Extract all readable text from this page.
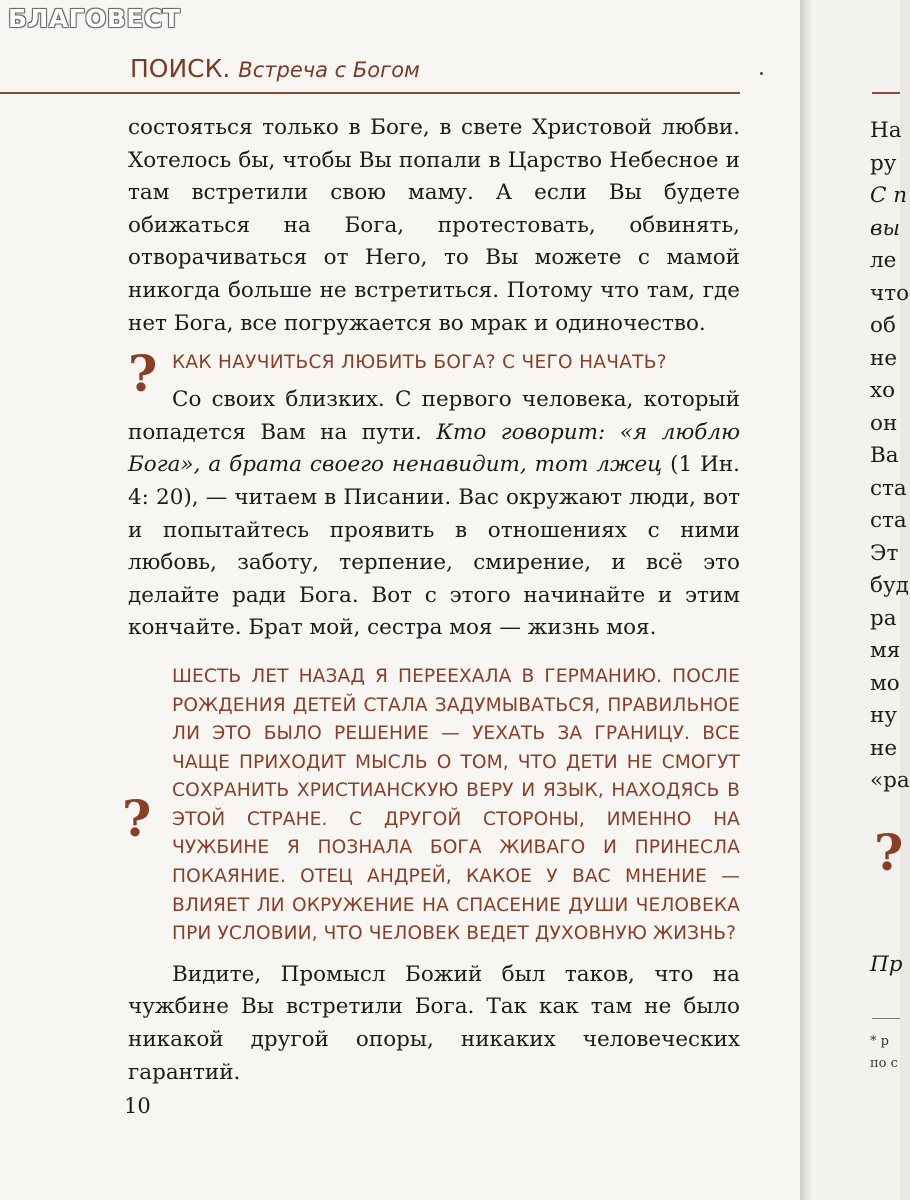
БЛАГОВЕСТ
ПОИСК. Встреча с Богом

состояться только в Боге, в свете Христовой любви. Хотелось бы, чтобы Вы попали в Царство Небесное и там встретили свою маму. А если Вы будете обижаться на Бога, протестовать, обвинять, отворачиваться от Него, то Вы можете с мамой никогда больше не встретиться. Потому что там, где нет Бога, все погружается во мрак и одиночество.

КАК НАУЧИТЬСЯ ЛЮБИТЬ БОГА? С ЧЕГО НАЧАТЬ?

Со своих близких. С первого человека, который попадется Вам на пути. Кто говорит: «я люблю Бога», а брата своего ненавидит, тот лжец (1 Ин. 4: 20), — читаем в Писании. Вас окружают люди, вот и попытайтесь проявить в отношениях с ними любовь, заботу, терпение, смирение, и всё это делайте ради Бога. Вот с этого начинайте и этим кончайте. Брат мой, сестра моя — жизнь моя.

ШЕСТЬ ЛЕТ НАЗАД Я ПЕРЕЕХАЛА В ГЕРМАНИЮ. ПОСЛЕ РОЖДЕНИЯ ДЕТЕЙ СТАЛА ЗАДУМЫВАТЬСЯ, ПРАВИЛЬНОЕ ЛИ ЭТО БЫЛО РЕШЕНИЕ — УЕХАТЬ ЗА ГРАНИЦУ. ВСЕ ЧАЩЕ ПРИХОДИТ МЫСЛЬ О ТОМ, ЧТО ДЕТИ НЕ СМОГУТ СОХРАНИТЬ ХРИСТИАНСКУЮ ВЕРУ И ЯЗЫК, НАХОДЯСЬ В ЭТОЙ СТРАНЕ. С ДРУГОЙ СТОРОНЫ, ИМЕННО НА ЧУЖБИНЕ Я ПОЗНАЛА БОГА ЖИВАГО И ПРИНЕСЛА ПОКАЯНИЕ. ОТЕЦ АНДРЕЙ, КАКОЕ У ВАС МНЕНИЕ — ВЛИЯЕТ ЛИ ОКРУЖЕНИЕ НА СПАСЕНИЕ ДУШИ ЧЕЛОВЕКА ПРИ УСЛОВИИ, ЧТО ЧЕЛОВЕК ВЕДЕТ ДУХОВНУЮ ЖИЗНЬ?

Видите, Промысл Божий был таков, что на чужбине Вы встретили Бога. Так как там не было никакой другой опоры, никаких человеческих гарантий.

?
?
10
На
ру
С п
вы
ле
что
об
не
хо
он
Ва
ста
ста
Эт
буд
ра
мя
мо
ну
не
«ра
?
Пр
* р
по с
